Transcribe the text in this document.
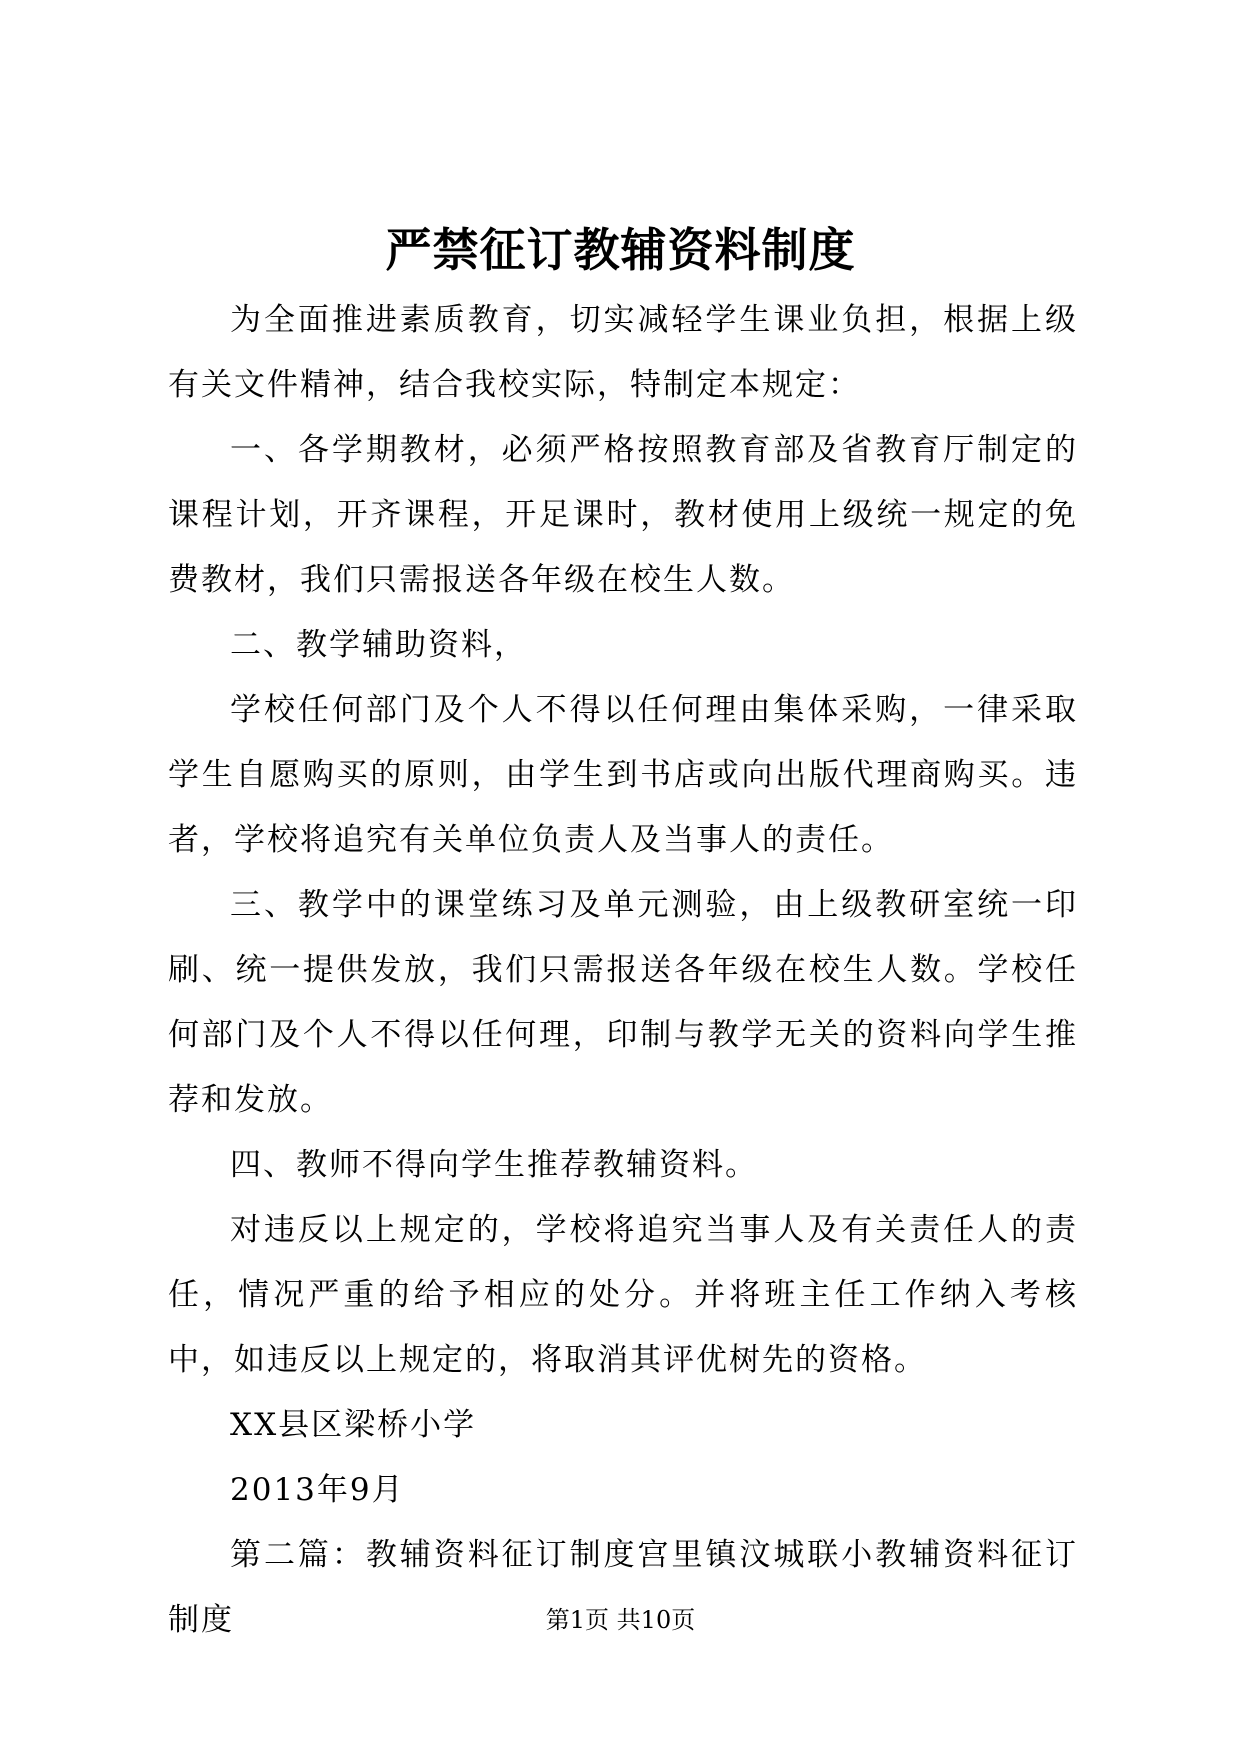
严禁征订教辅资料制度

为全面推进素质教育，切实减轻学生课业负担，根据上级有关文件精神，结合我校实际，特制定本规定：

一、各学期教材，必须严格按照教育部及省教育厅制定的课程计划，开齐课程，开足课时，教材使用上级统一规定的免费教材，我们只需报送各年级在校生人数。

二、教学辅助资料，

学校任何部门及个人不得以任何理由集体采购，一律采取学生自愿购买的原则，由学生到书店或向出版代理商购买。违者，学校将追究有关单位负责人及当事人的责任。

三、教学中的课堂练习及单元测验，由上级教研室统一印刷、统一提供发放，我们只需报送各年级在校生人数。学校任何部门及个人不得以任何理，印制与教学无关的资料向学生推荐和发放。

四、教师不得向学生推荐教辅资料。

对违反以上规定的，学校将追究当事人及有关责任人的责任，情况严重的给予相应的处分。并将班主任工作纳入考核中，如违反以上规定的，将取消其评优树先的资格。

XX县区梁桥小学

2013年9月

第二篇：教辅资料征订制度宫里镇汶城联小教辅资料征订制度	第1页 共10页
